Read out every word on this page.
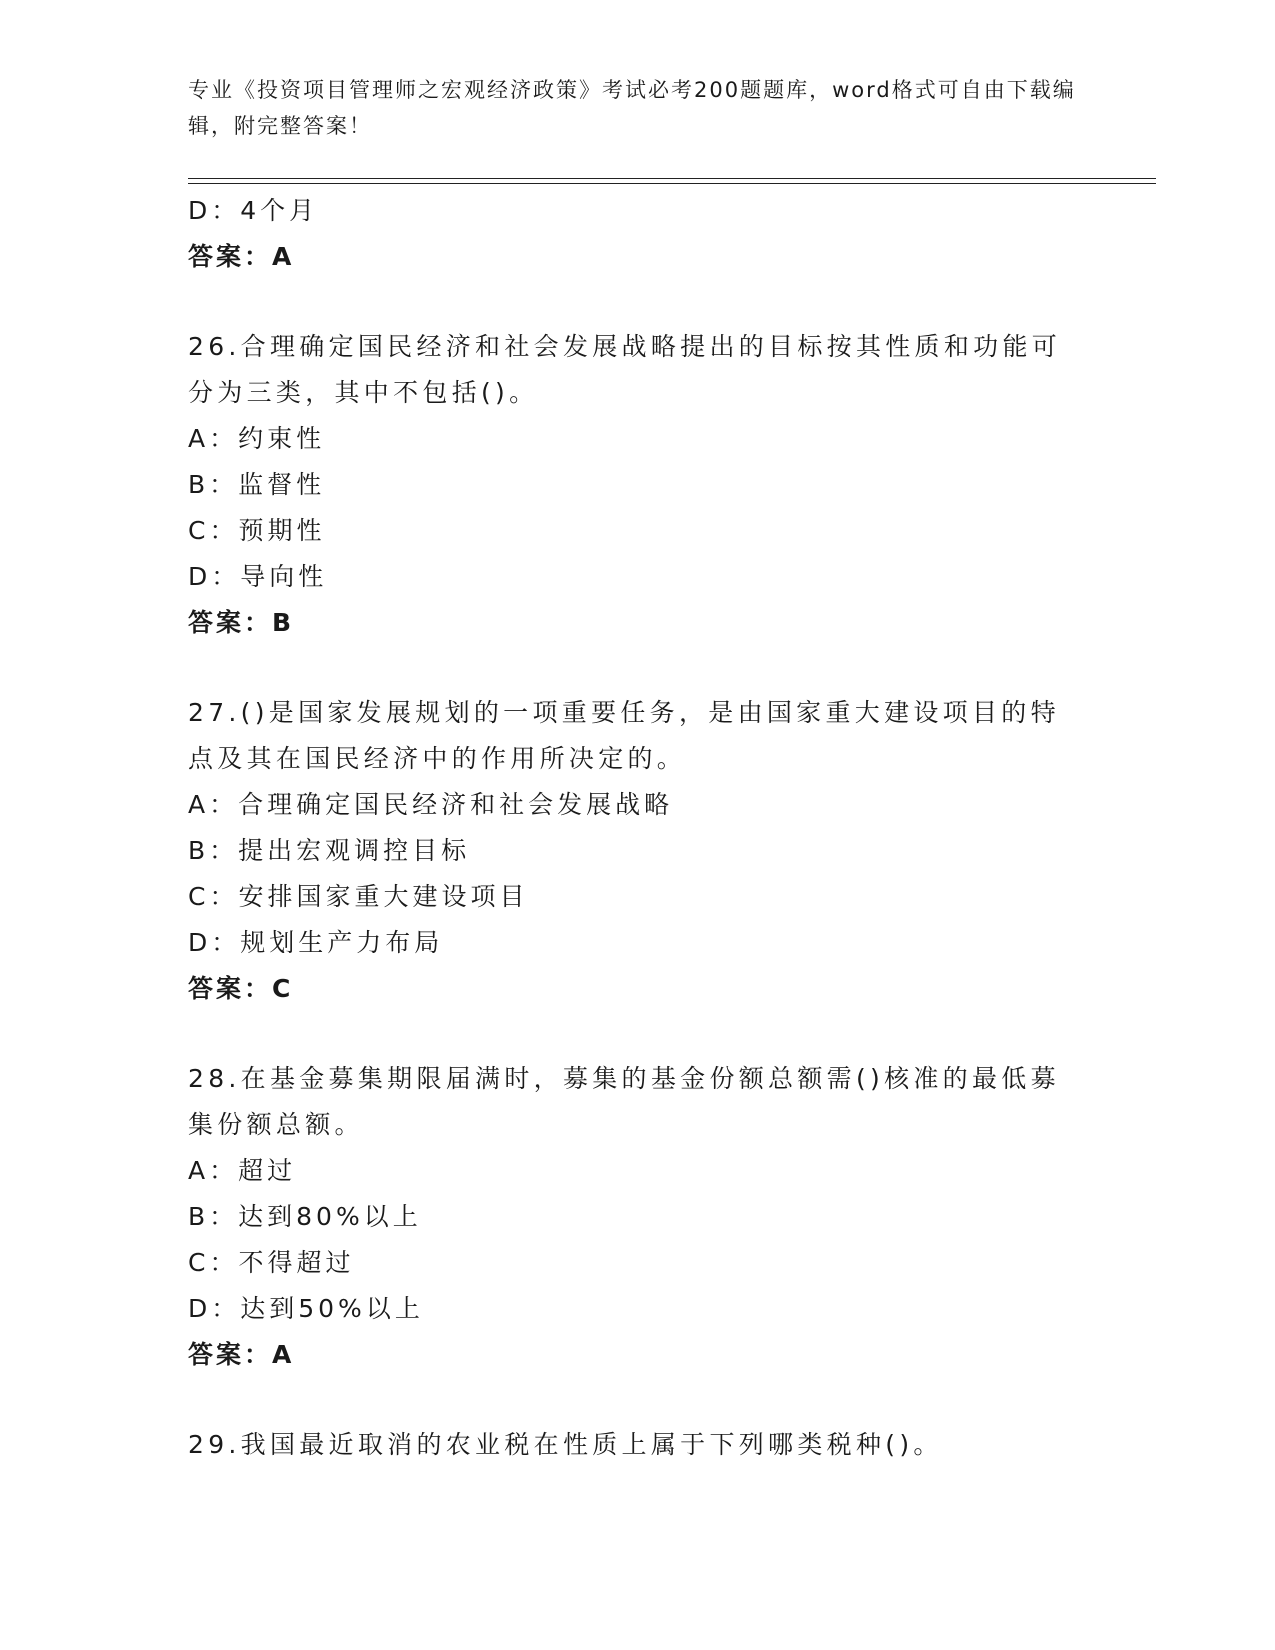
专业《投资项目管理师之宏观经济政策》考试必考200题题库，word格式可自由下载编辑，附完整答案！
D：4个月
答案：A
26.合理确定国民经济和社会发展战略提出的目标按其性质和功能可分为三类，其中不包括()。
A：约束性
B：监督性
C：预期性
D：导向性
答案：B
27.()是国家发展规划的一项重要任务，是由国家重大建设项目的特点及其在国民经济中的作用所决定的。
A：合理确定国民经济和社会发展战略
B：提出宏观调控目标
C：安排国家重大建设项目
D：规划生产力布局
答案：C
28.在基金募集期限届满时，募集的基金份额总额需()核准的最低募集份额总额。
A：超过
B：达到80%以上
C：不得超过
D：达到50%以上
答案：A
29.我国最近取消的农业税在性质上属于下列哪类税种()。
